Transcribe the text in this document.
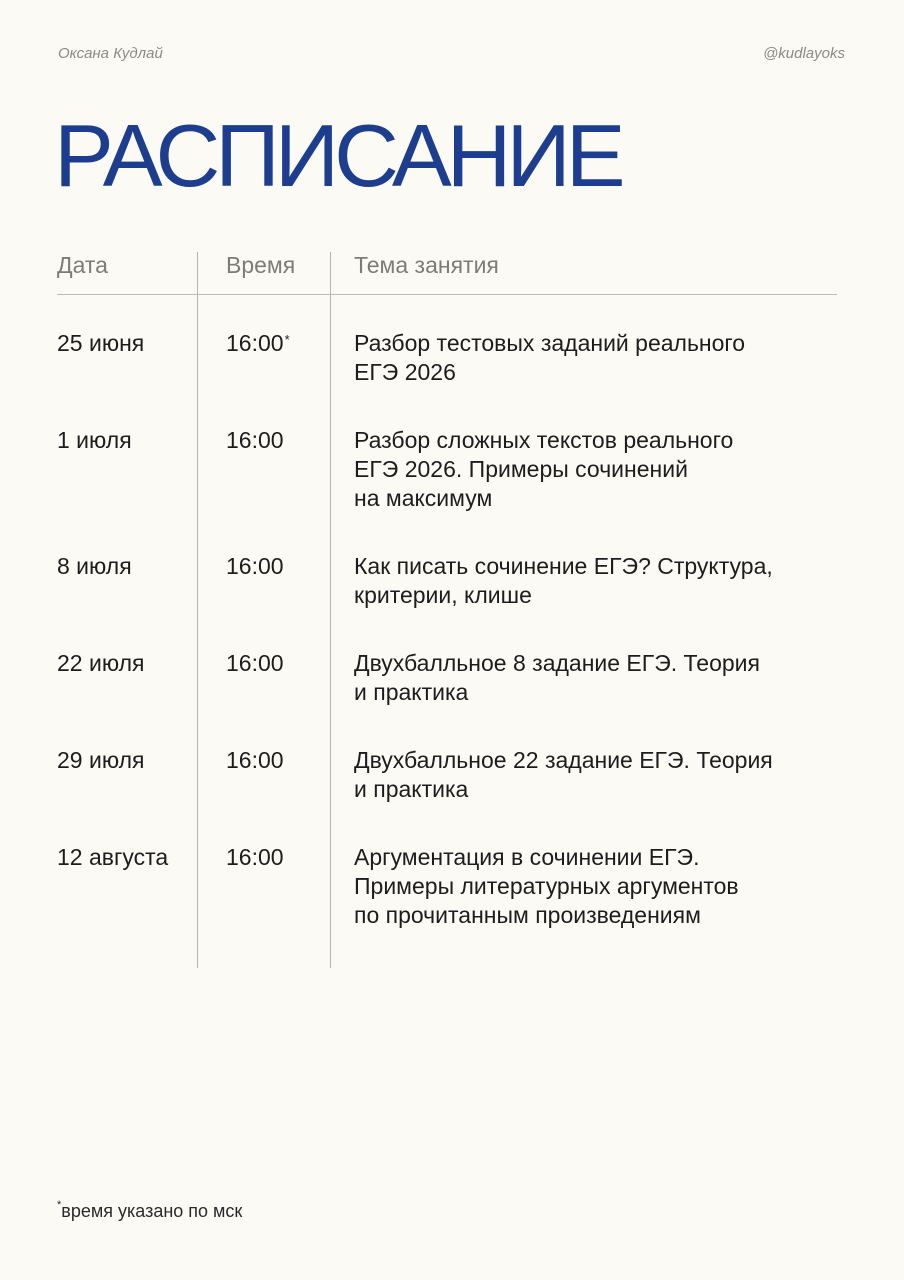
Оксана Кудлай	@kudlayoks
РАСПИСАНИЕ
Дата	Время	Тема занятия
25 июня	16:00*	Разбор тестовых заданий реального
ЕГЭ 2026
1 июля	16:00	Разбор сложных текстов реального
ЕГЭ 2026. Примеры сочинений
на максимум
8 июля	16:00	Как писать сочинение ЕГЭ? Структура,
критерии, клише
22 июля	16:00	Двухбалльное 8 задание ЕГЭ. Теория
и практика
29 июля	16:00	Двухбалльное 22 задание ЕГЭ. Теория
и практика
12 августа	16:00	Аргументация в сочинении ЕГЭ.
Примеры литературных аргументов
по прочитанным произведениям
*время указано по мск
